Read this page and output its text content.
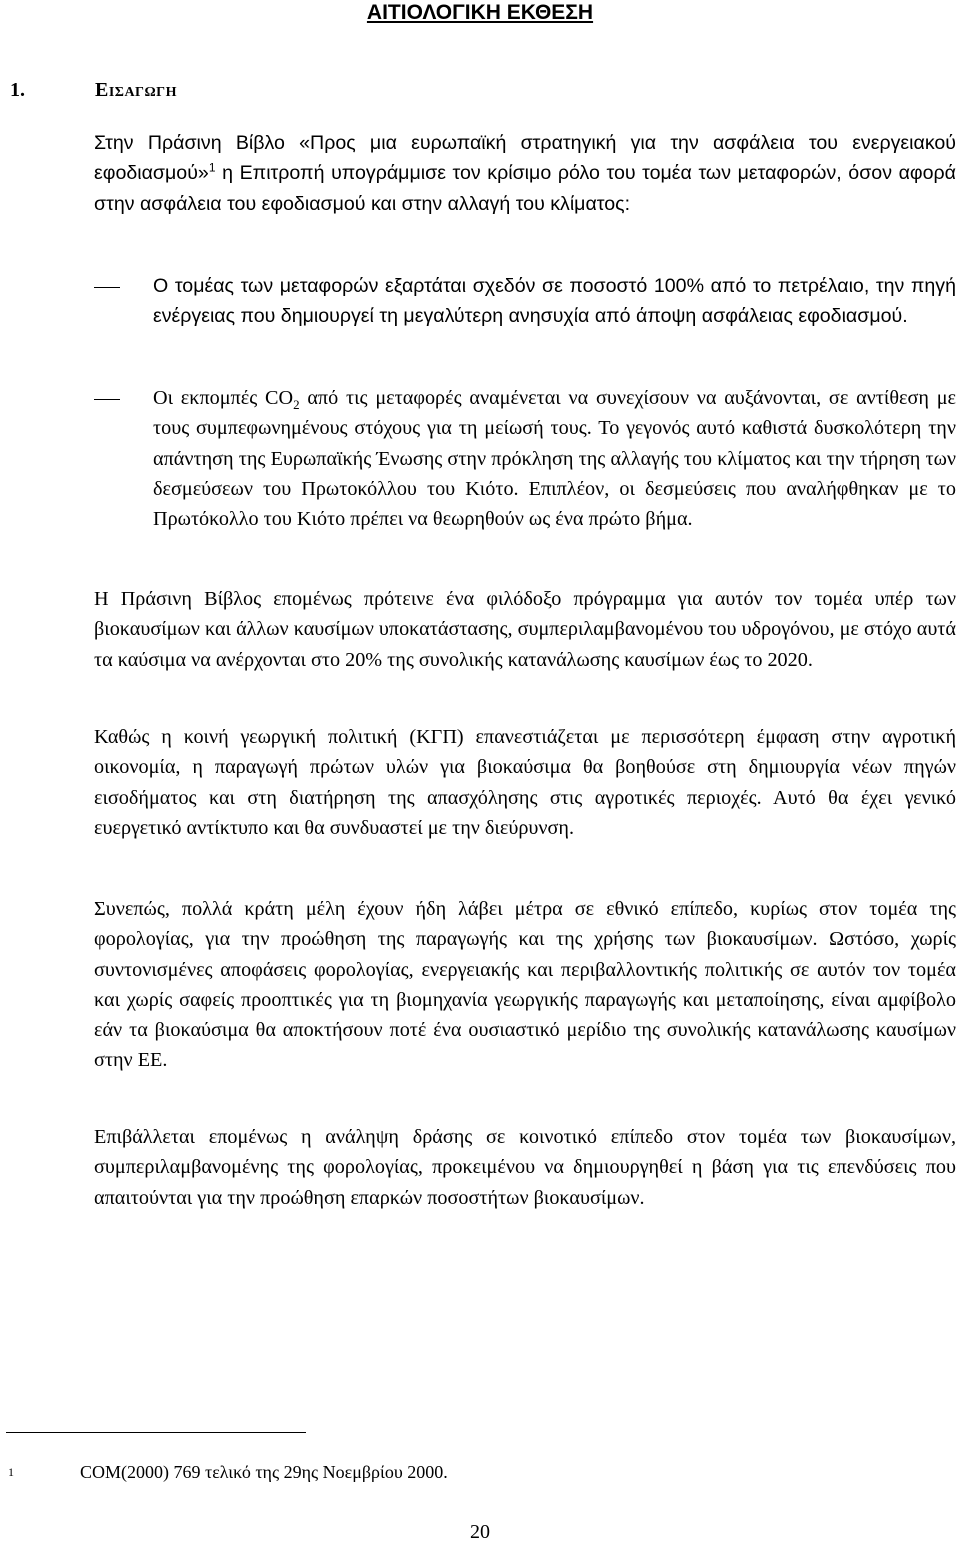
ΑΙΤΙΟΛΟΓΙΚΗ ΕΚΘΕΣΗ
1.	Εισαγωγη
Στην Πράσινη Βίβλο «Προς μια ευρωπαϊκή στρατηγική για την ασφάλεια του ενεργειακού εφοδιασμού»$^1$ η Επιτροπή υπογράμμισε τον κρίσιμο ρόλο του τομέα των μεταφορών, όσον αφορά στην ασφάλεια του εφοδιασμού και στην αλλαγή του κλίματος:
Ο τομέας των μεταφορών εξαρτάται σχεδόν σε ποσοστό 100% από το πετρέλαιο, την πηγή ενέργειας που δημιουργεί τη μεγαλύτερη ανησυχία από άποψη ασφάλειας εφοδιασμού.
Οι εκπομπές $CO_2$ από τις μεταφορές αναμένεται να συνεχίσουν να αυξάνονται, σε αντίθεση με τους συμπεφωνημένους στόχους για τη μείωσή τους. Το γεγονός αυτό καθιστά δυσκολότερη την απάντηση της Ευρωπαϊκής Ένωσης στην πρόκληση της αλλαγής του κλίματος και την τήρηση των δεσμεύσεων του Πρωτοκόλλου του Κιότο. Επιπλέον, οι δεσμεύσεις που αναλήφθηκαν με το Πρωτόκολλο του Κιότο πρέπει να θεωρηθούν ως ένα πρώτο βήμα.
Η Πράσινη Βίβλος επομένως πρότεινε ένα φιλόδοξο πρόγραμμα για αυτόν τον τομέα υπέρ των βιοκαυσίμων και άλλων καυσίμων υποκατάστασης, συμπεριλαμβανομένου του υδρογόνου, με στόχο αυτά τα καύσιμα να ανέρχονται στο 20% της συνολικής κατανάλωσης καυσίμων έως το 2020.
Καθώς η κοινή γεωργική πολιτική (ΚΓΠ) επανεστιάζεται με περισσότερη έμφαση στην αγροτική οικονομία, η παραγωγή πρώτων υλών για βιοκαύσιμα θα βοηθούσε στη δημιουργία νέων πηγών εισοδήματος και στη διατήρηση της απασχόλησης στις αγροτικές περιοχές. Αυτό θα έχει γενικό ευεργετικό αντίκτυπο και θα συνδυαστεί με την διεύρυνση.
Συνεπώς, πολλά κράτη μέλη έχουν ήδη λάβει μέτρα σε εθνικό επίπεδο, κυρίως στον τομέα της φορολογίας, για την προώθηση της παραγωγής και της χρήσης των βιοκαυσίμων. Ωστόσο, χωρίς συντονισμένες αποφάσεις φορολογίας, ενεργειακής και περιβαλλοντικής πολιτικής σε αυτόν τον τομέα και χωρίς σαφείς προοπτικές για τη βιομηχανία γεωργικής παραγωγής και μεταποίησης, είναι αμφίβολο εάν τα βιοκαύσιμα θα αποκτήσουν ποτέ ένα ουσιαστικό μερίδιο της συνολικής κατανάλωσης καυσίμων στην ΕΕ.
Επιβάλλεται επομένως η ανάληψη δράσης σε κοινοτικό επίπεδο στον τομέα των βιοκαυσίμων, συμπεριλαμβανομένης της φορολογίας, προκειμένου να δημιουργηθεί η βάση για τις επενδύσεις που απαιτούνται για την προώθηση επαρκών ποσοστήτων βιοκαυσίμων.
1	COM(2000) 769 τελικό της 29ης Νοεμβρίου 2000.
20
